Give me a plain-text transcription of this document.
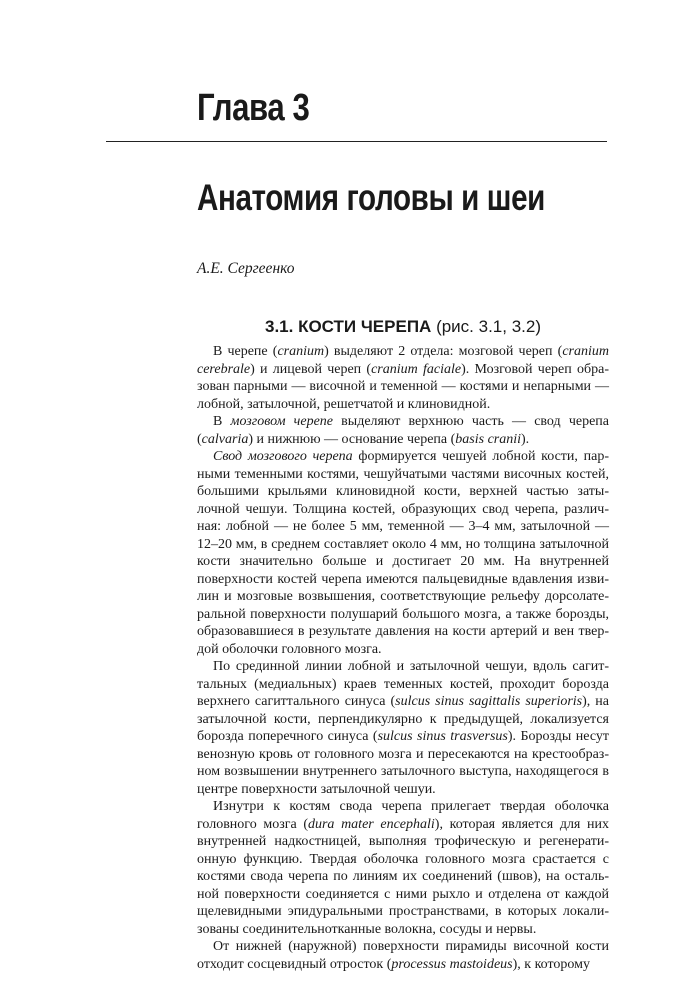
Глава 3
Анатомия головы и шеи

А.Е. Сергеенко

3.1. КОСТИ ЧЕРЕПА (рис. 3.1, 3.2)

В черепе (cranium) выделяют 2 отдела: мозговой череп (cranium cerebrale) и лицевой череп (cranium faciale). Мозговой череп образован парными — височной и теменной — костями и непарными — лобной, затылочной, решетчатой и клиновидной.

В мозговом черепе выделяют верхнюю часть — свод черепа (calvaria) и нижнюю — основание черепа (basis cranii).

Свод мозгового черепа формируется чешуей лобной кости, парными теменными костями, чешуйчатыми частями височных костей, большими крыльями клиновидной кости, верхней частью затылочной чешуи. Толщина костей, образующих свод черепа, различная: лобной — не более 5 мм, теменной — 3–4 мм, затылочной — 12–20 мм, в среднем составляет около 4 мм, но толщина затылочной кости значительно больше и достигает 20 мм. На внутренней поверхности костей черепа имеются пальцевидные вдавления извилин и мозговые возвышения, соответствующие рельефу дорсолатеральной поверхности полушарий большого мозга, а также борозды, образовавшиеся в результате давления на кости артерий и вен твердой оболочки головного мозга.

По срединной линии лобной и затылочной чешуи, вдоль сагиттальных (медиальных) краев теменных костей, проходит борозда верхнего сагиттального синуса (sulcus sinus sagittalis superioris), на затылочной кости, перпендикулярно к предыдущей, локализуется борозда поперечного синуса (sulcus sinus trasversus). Борозды несут венозную кровь от головного мозга и пересекаются на крестообразном возвышении внутреннего затылочного выступа, находящегося в центре поверхности затылочной чешуи.

Изнутри к костям свода черепа прилегает твердая оболочка головного мозга (dura mater encephali), которая является для них внутренней надкостницей, выполняя трофическую и регенератионную функцию. Твердая оболочка головного мозга срастается с костями свода черепа по линиям их соединений (швов), на остальной поверхности соединяется с ними рыхло и отделена от каждой щелевидными эпидуральными пространствами, в которых локализованы соединительнотканные волокна, сосуды и нервы.

От нижней (наружной) поверхности пирамиды височной кости отходит сосцевидный отросток (processus mastoideus), к которому
